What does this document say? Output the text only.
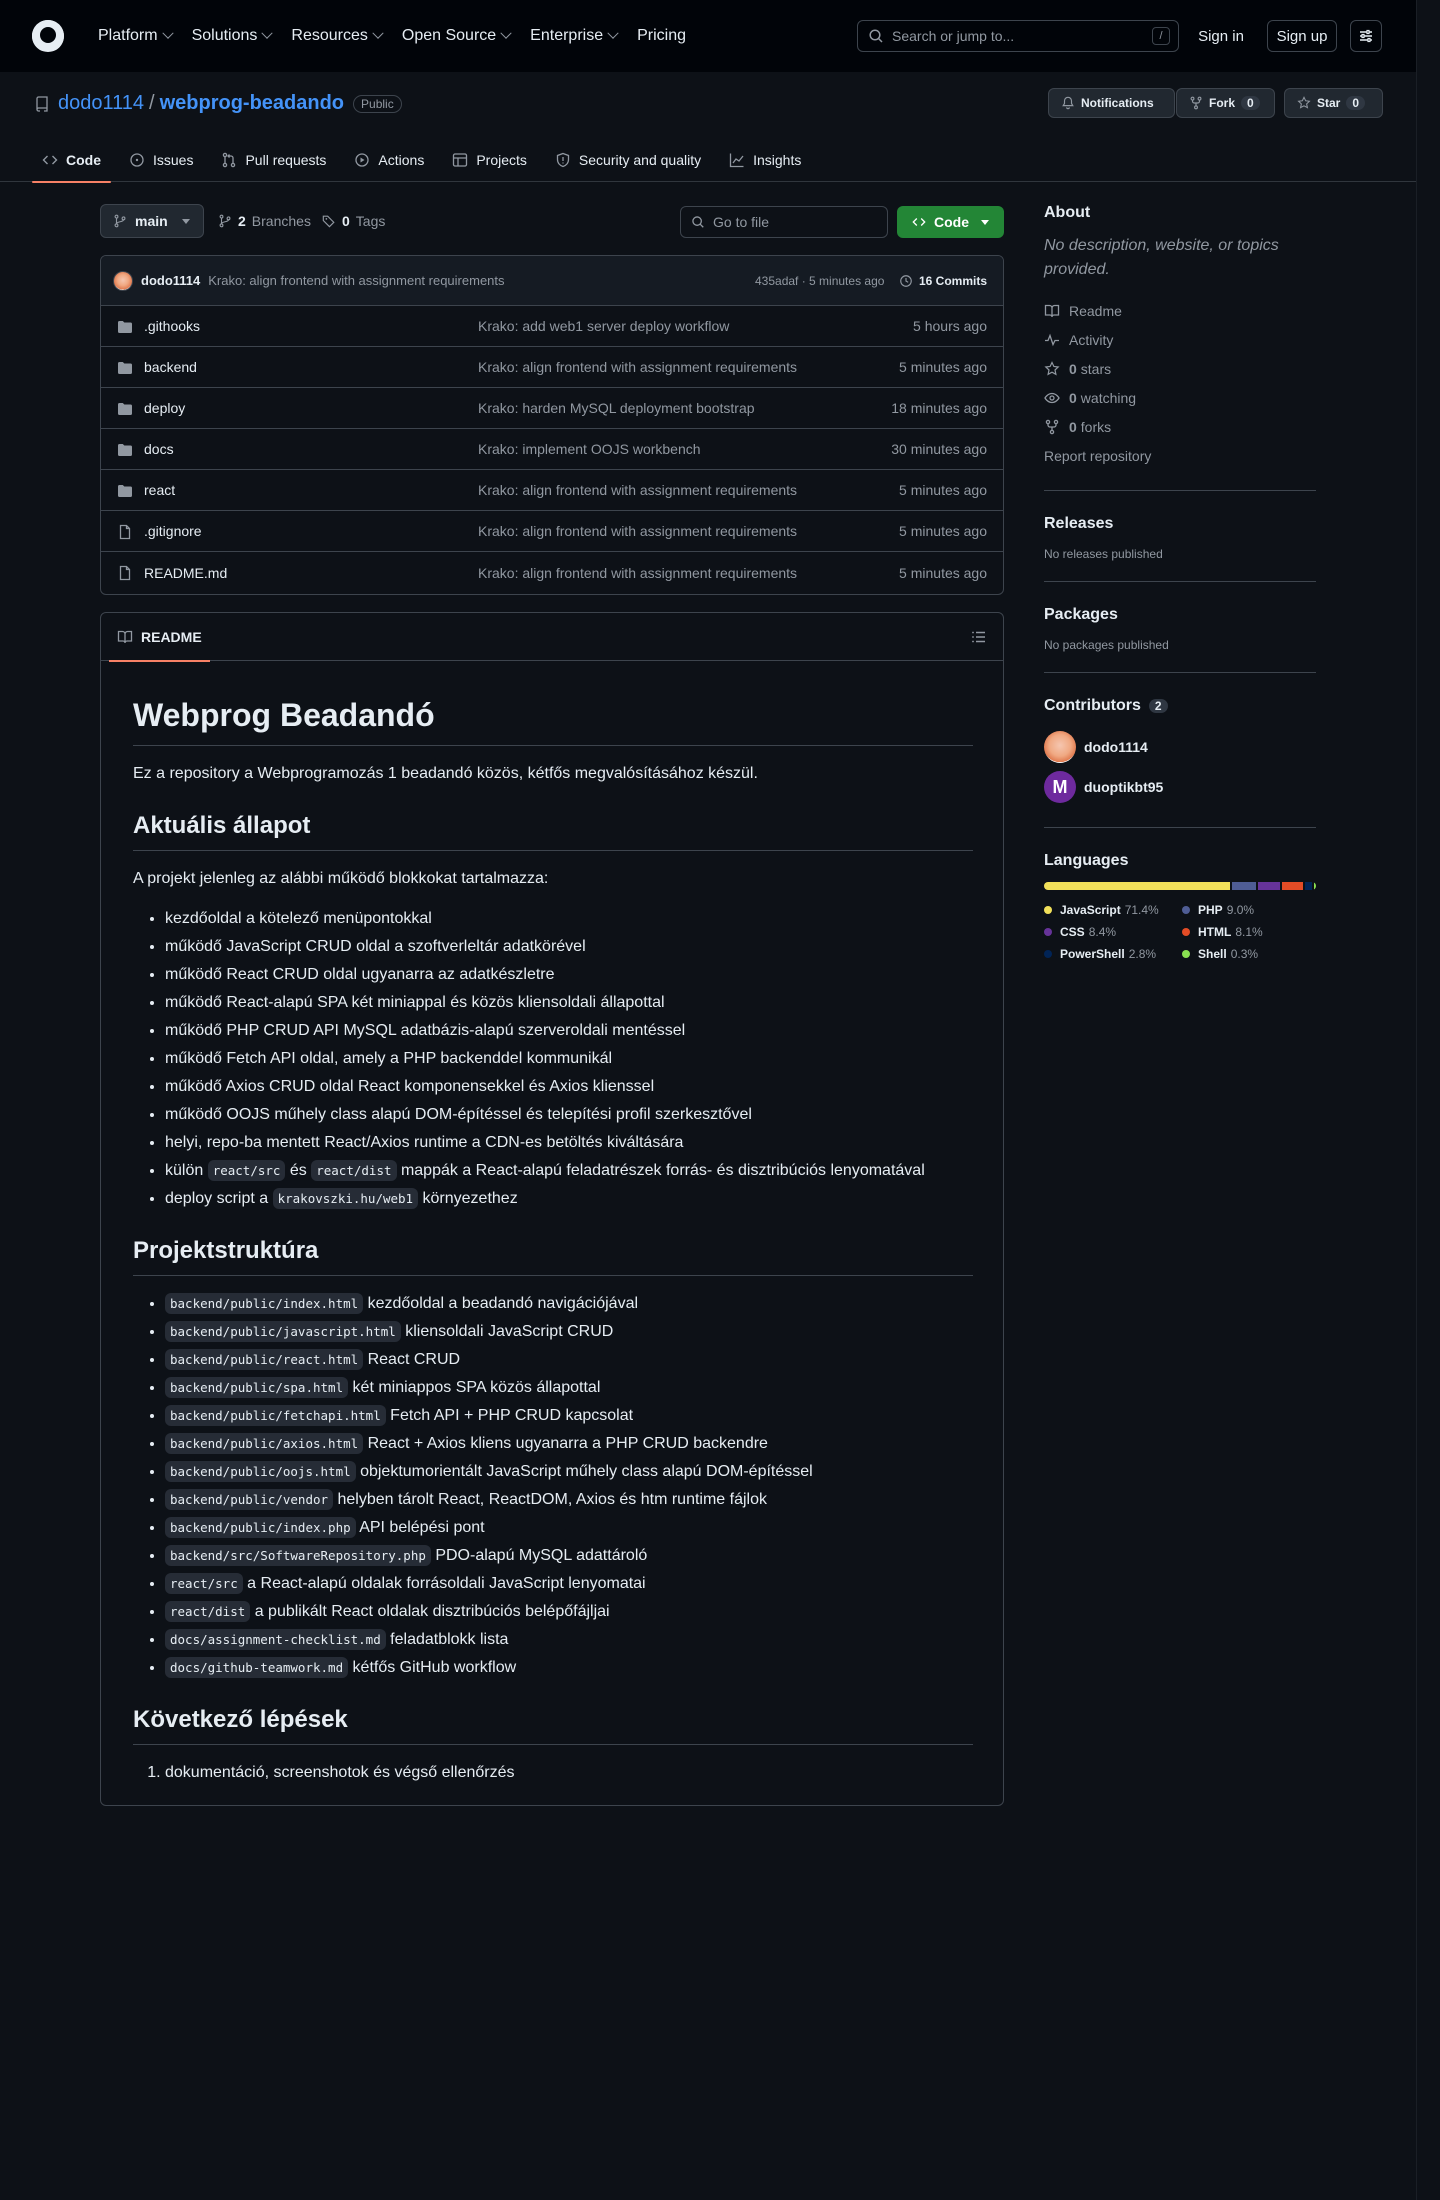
Platform Solutions Resources Open Source Enterprise Pricing	Search or jump to...	/	Sign in	Sign up
dodo1114 / webprog-beadando	Public	Notifications	Fork	0	Star	0
Code	Issues	Pull requests	Actions	Projects	Security and quality	Insights
main	2 Branches 0 Tags	Go to file	Code
dodo1114 Krako: align frontend with assignment requirements	435adaf · 5 minutes ago	16 Commits
.githooks	Krako: add web1 server deploy workflow	5 hours ago
backend	Krako: align frontend with assignment requirements	5 minutes ago
deploy	Krako: harden MySQL deployment bootstrap	18 minutes ago
docs	Krako: implement OOJS workbench	30 minutes ago
react	Krako: align frontend with assignment requirements	5 minutes ago
.gitignore	Krako: align frontend with assignment requirements	5 minutes ago
README.md	Krako: align frontend with assignment requirements	5 minutes ago
README
Webprog Beadandó

Ez a repository a Webprogramozás 1 beadandó közös, kétfős megvalósításához készül.

Aktuális állapot

A projekt jelenleg az alábbi működő blokkokat tartalmazza:

• kezdőoldal a kötelező menüpontokkal
• működő JavaScript CRUD oldal a szoftverleltár adatkörével
• működő React CRUD oldal ugyanarra az adatkészletre
• működő React-alapú SPA két miniappal és közös kliensoldali állapottal
• működő PHP CRUD API MySQL adatbázis-alapú szerveroldali mentéssel
• működő Fetch API oldal, amely a PHP backenddel kommunikál
• működő Axios CRUD oldal React komponensekkel és Axios klienssel
• működő OOJS műhely class alapú DOM-építéssel és telepítési profil szerkesztővel
• helyi, repo-ba mentett React/Axios runtime a CDN-es betöltés kiváltására
• külön react/src és react/dist mappák a React-alapú feladatrészek forrás- és disztribúciós lenyomatával
• deploy script a krakovszki.hu/web1 környezethez
Projektstruktúra
• backend/public/index.html kezdőoldal a beadandó navigációjával
• backend/public/javascript.html kliensoldali JavaScript CRUD
• backend/public/react.html React CRUD
• backend/public/spa.html két miniappos SPA közös állapottal
• backend/public/fetchapi.html Fetch API + PHP CRUD kapcsolat
• backend/public/axios.html React + Axios kliens ugyanarra a PHP CRUD backendre
• backend/public/oojs.html objektumorientált JavaScript műhely class alapú DOM-építéssel
• backend/public/vendor helyben tárolt React, ReactDOM, Axios és htm runtime fájlok
• backend/public/index.php API belépési pont
• backend/src/SoftwareRepository.php PDO-alapú MySQL adattároló
• react/src a React-alapú oldalak forrásoldali JavaScript lenyomatai
• react/dist a publikált React oldalak disztribúciós belépőfájljai
• docs/assignment-checklist.md feladatblokk lista
• docs/github-teamwork.md kétfős GitHub workflow
Következő lépések
1. dokumentáció, screenshotok és végső ellenőrzés
About

No description, website, or topics provided.

Readme
Activity
0 stars
0 watching
0 forks
Report repository
Releases
No releases published
Packages
No packages published
Contributors	2
dodo1114
M duoptikbt95
Languages
JavaScript 71.4%	PHP 9.0%
CSS 8.4%	HTML 8.1%
PowerShell 2.8%	Shell 0.3%
